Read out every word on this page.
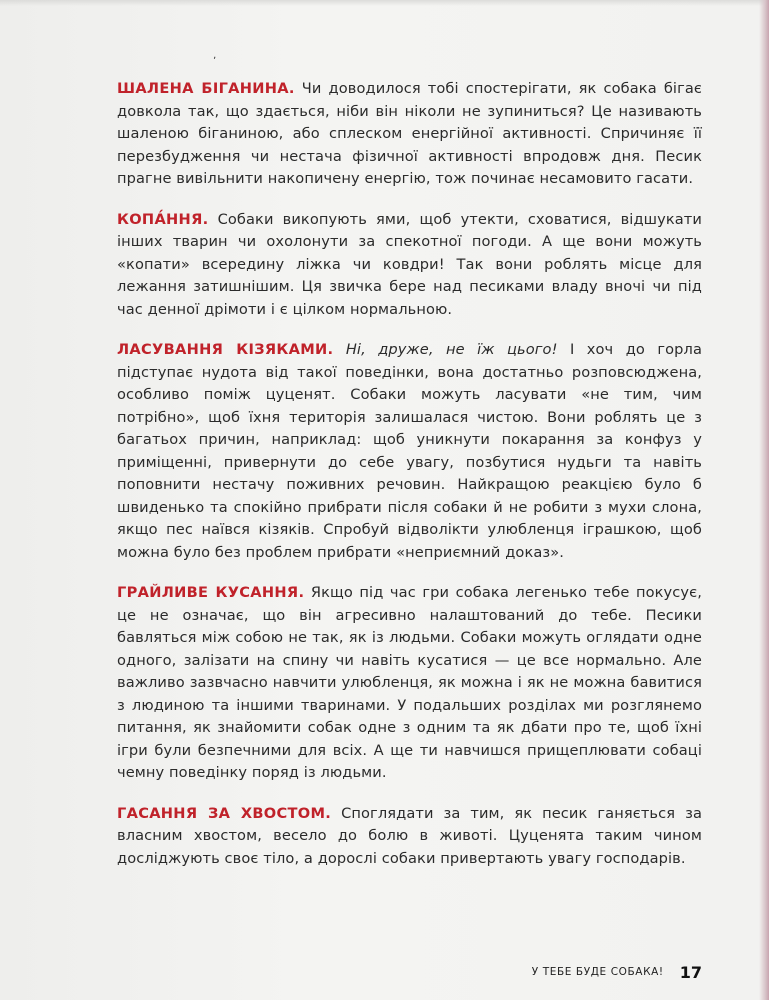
ʼ

ШАЛЕНА БІГАНИНА. Чи доводилося тобі спостерігати, як собака бігає довкола так, що здається, ніби він ніколи не зупиниться? Це називають шаленою біганиною, або сплеском енергійної активності. Спричиняє її перезбудження чи нестача фізичної активності впродовж дня. Песик прагне вивільнити накопичену енергію, тож починає несамовито гасати.

КОПА́ННЯ. Собаки викопують ями, щоб утекти, сховатися, відшукати інших тварин чи охолонути за спекотної погоди. А ще вони можуть «копати» всередину ліжка чи ковдри! Так вони роблять місце для лежання затишнішим. Ця звичка бере над песиками владу вночі чи під час денної дрімоти і є цілком нормальною.

ЛАСУВАННЯ КІЗЯКАМИ. Ні, друже, не їж цього! І хоч до горла підступає нудота від такої поведінки, вона достатньо розповсюджена, особливо поміж цуценят. Собаки можуть ласувати «не тим, чим потрібно», щоб їхня територія залишалася чистою. Вони роблять це з багатьох причин, наприклад: щоб уникнути покарання за конфуз у приміщенні, привернути до себе увагу, позбутися нудьги та навіть поповнити нестачу поживних речовин. Найкращою реакцією було б швиденько та спокійно прибрати після собаки й не робити з мухи слона, якщо пес наївся кізяків. Спробуй відволікти улюбленця іграшкою, щоб можна було без проблем прибрати «неприємний доказ».

ГРАЙЛИВЕ КУСАННЯ. Якщо під час гри собака легенько тебе покусує, це не означає, що він агресивно налаштований до тебе. Песики бавляться між собою не так, як із людьми. Собаки можуть оглядати одне одного, залізати на спину чи навіть кусатися — це все нормально. Але важливо зазвчасно навчити улюбленця, як можна і як не можна бавитися з людиною та іншими тваринами. У подальших розділах ми розглянемо питання, як знайомити собак одне з одним та як дбати про те, щоб їхні ігри були безпечними для всіх. А ще ти навчишся прищеплювати собаці чемну поведінку поряд із людьми.

ГАСАННЯ ЗА ХВОСТОМ. Споглядати за тим, як песик ганяється за власним хвостом, весело до болю в животі. Цуценята таким чином досліджують своє тіло, а дорослі собаки привертають увагу господарів.

У ТЕБЕ БУДЕ СОБАКА! 17
